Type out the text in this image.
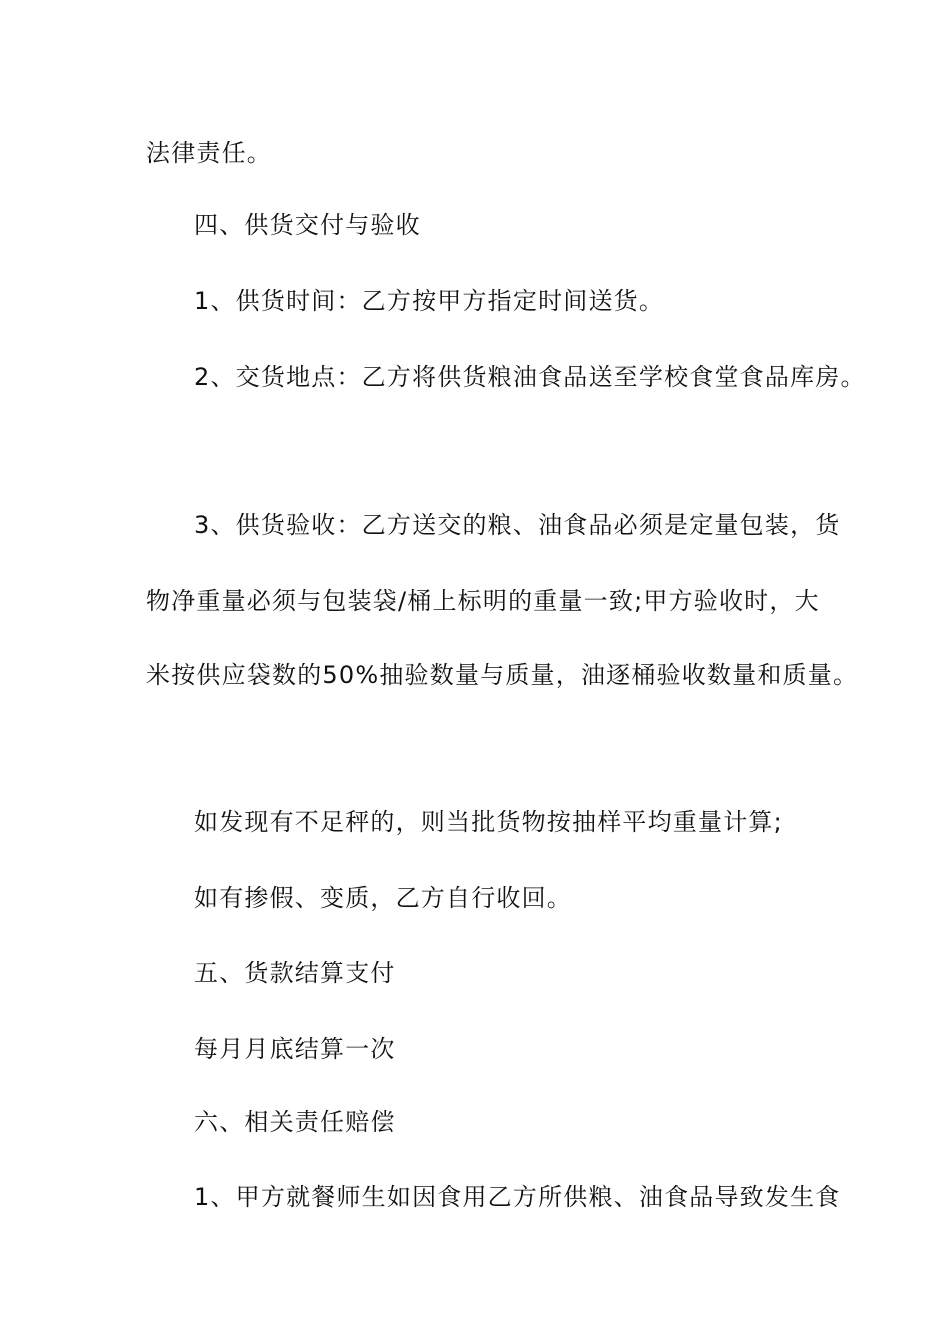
法律责任。
四、供货交付与验收
1、供货时间：乙方按甲方指定时间送货。
2、交货地点：乙方将供货粮油食品送至学校食堂食品库房。
3、供货验收：乙方送交的粮、油食品必须是定量包装，货
物净重量必须与包装袋/桶上标明的重量一致;甲方验收时，大
米按供应袋数的50%抽验数量与质量，油逐桶验收数量和质量。
如发现有不足秤的，则当批货物按抽样平均重量计算;
如有掺假、变质，乙方自行收回。
五、货款结算支付
每月月底结算一次
六、相关责任赔偿
1、甲方就餐师生如因食用乙方所供粮、油食品导致发生食
